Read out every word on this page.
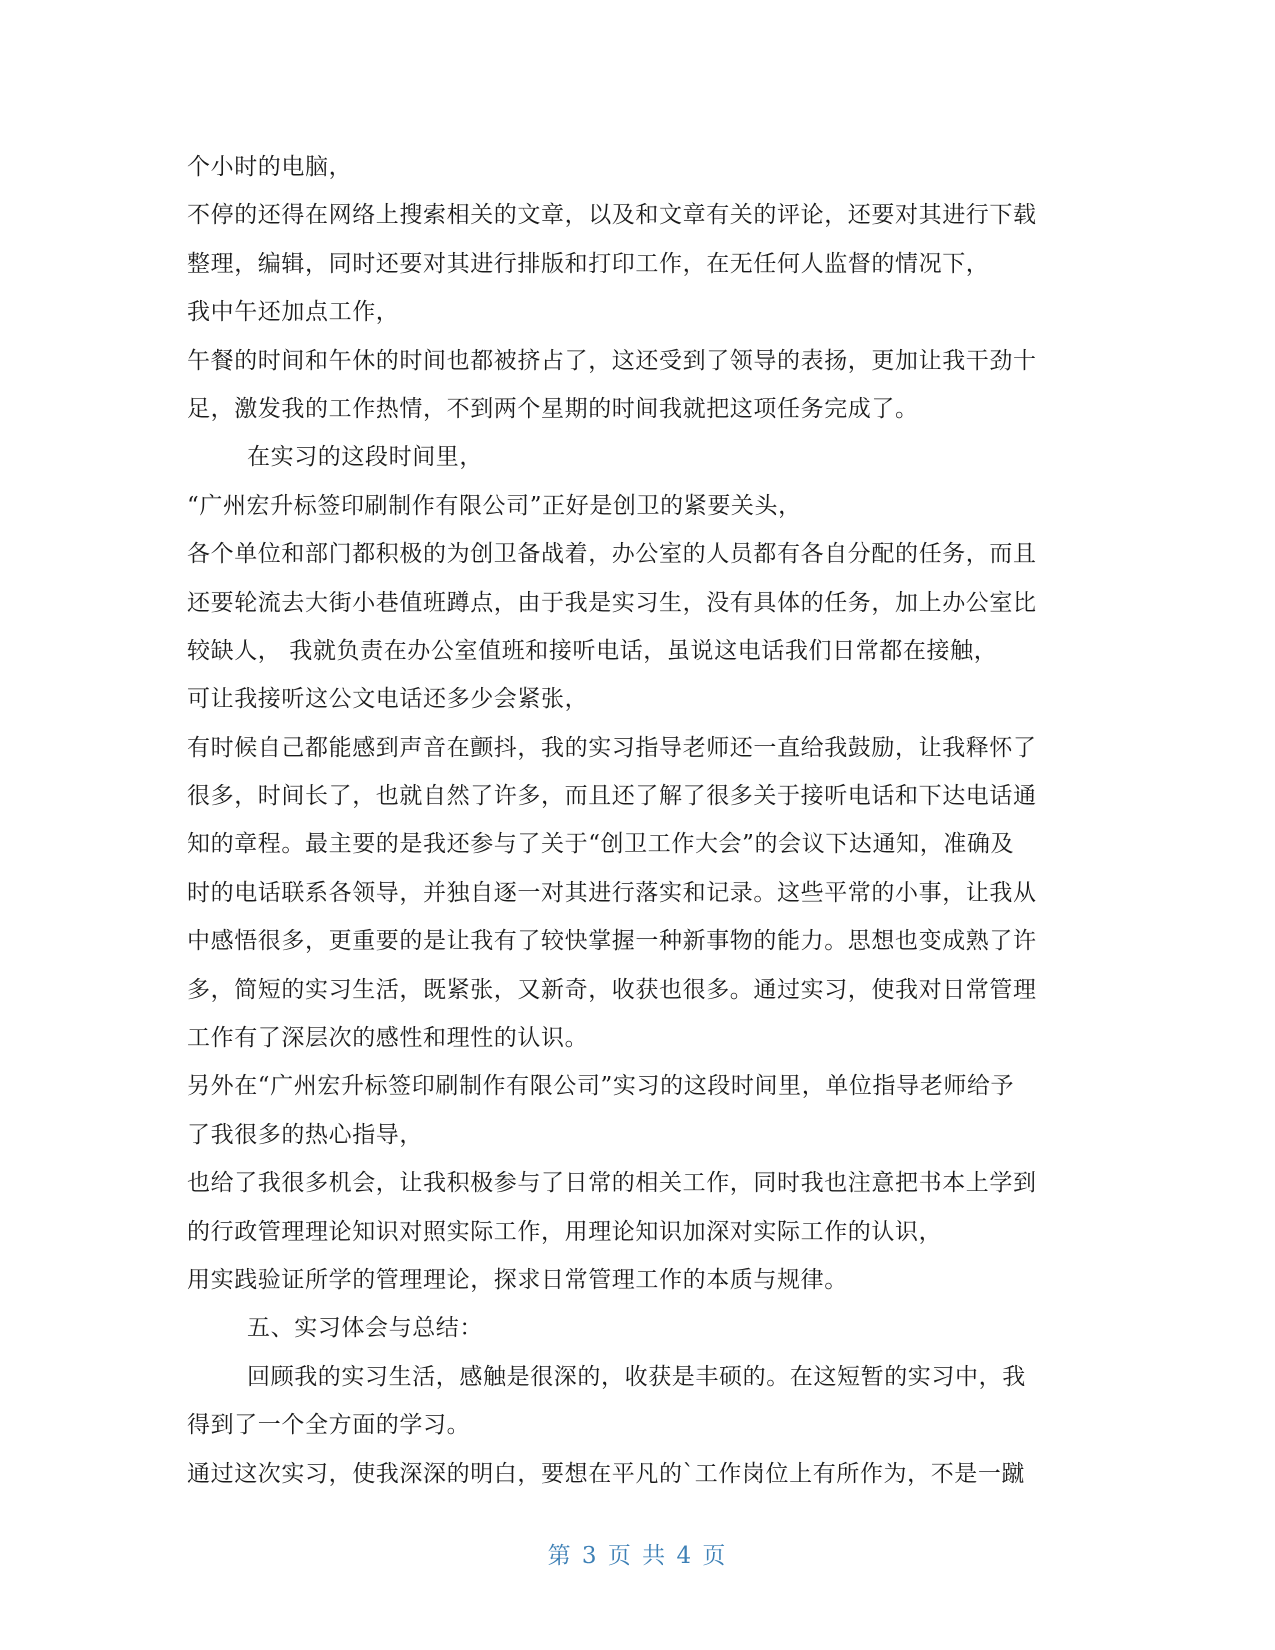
个小时的电脑，
不停的还得在网络上搜索相关的文章，以及和文章有关的评论，还要对其进行下载
整理，编辑，同时还要对其进行排版和打印工作，在无任何人监督的情况下，
我中午还加点工作，
午餐的时间和午休的时间也都被挤占了，这还受到了领导的表扬，更加让我干劲十
足，激发我的工作热情，不到两个星期的时间我就把这项任务完成了。
在实习的这段时间里，
“广州宏升标签印刷制作有限公司”正好是创卫的紧要关头，
各个单位和部门都积极的为创卫备战着，办公室的人员都有各自分配的任务，而且
还要轮流去大街小巷值班蹲点，由于我是实习生，没有具体的任务，加上办公室比
较缺人， 我就负责在办公室值班和接听电话，虽说这电话我们日常都在接触，
可让我接听这公文电话还多少会紧张，
有时候自己都能感到声音在颤抖，我的实习指导老师还一直给我鼓励，让我释怀了
很多，时间长了，也就自然了许多，而且还了解了很多关于接听电话和下达电话通
知的章程。最主要的是我还参与了关于“创卫工作大会”的会议下达通知，准确及
时的电话联系各领导，并独自逐一对其进行落实和记录。这些平常的小事，让我从
中感悟很多，更重要的是让我有了较快掌握一种新事物的能力。思想也变成熟了许
多，简短的实习生活，既紧张，又新奇，收获也很多。通过实习，使我对日常管理
工作有了深层次的感性和理性的认识。
另外在“广州宏升标签印刷制作有限公司”实习的这段时间里，单位指导老师给予
了我很多的热心指导，
也给了我很多机会，让我积极参与了日常的相关工作，同时我也注意把书本上学到
的行政管理理论知识对照实际工作，用理论知识加深对实际工作的认识，
用实践验证所学的管理理论，探求日常管理工作的本质与规律。
五、实习体会与总结：
回顾我的实习生活，感触是很深的，收获是丰硕的。在这短暂的实习中，我
得到了一个全方面的学习。
通过这次实习，使我深深的明白，要想在平凡的`工作岗位上有所作为，不是一蹴
第 3 页 共 4 页
